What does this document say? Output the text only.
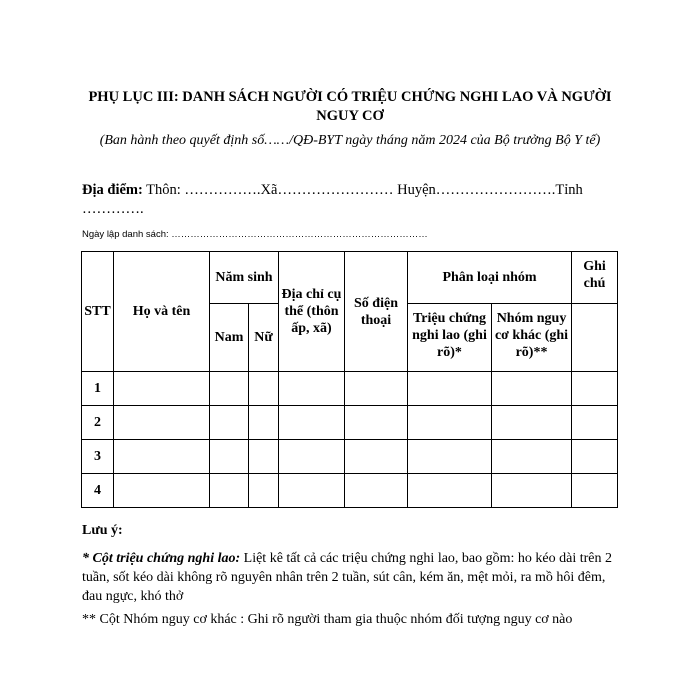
PHỤ LỤC III: DANH SÁCH NGƯỜI CÓ TRIỆU CHỨNG NGHI LAO VÀ NGƯỜI NGUY CƠ
(Ban hành theo quyết định số……/QĐ-BYT ngày tháng năm 2024 của Bộ trưởng Bộ Y tế)
Địa điểm: Thôn: …………….Xã…………………… Huyện…………………….Tỉnh ………….
Ngày lập danh sách: ………………………………………………………………………
STT	Họ và tên	Năm sinh		Địa chỉ cụ thể (thôn ấp, xã)	Số điện thoại	Phân loại nhóm		Ghi chú
		Nam	Nữ			Triệu chứng nghi lao (ghi rõ)*	Nhóm nguy cơ khác (ghi rõ)**	
1								
2								
3								
4								
Lưu ý:
* Cột triệu chứng nghi lao: Liệt kê tất cả các triệu chứng nghi lao, bao gồm: ho kéo dài trên 2 tuần, sốt kéo dài không rõ nguyên nhân trên 2 tuần, sút cân, kém ăn, mệt mỏi, ra mồ hôi đêm, đau ngực, khó thở
** Cột Nhóm nguy cơ khác : Ghi rõ người tham gia thuộc nhóm đối tượng nguy cơ nào
